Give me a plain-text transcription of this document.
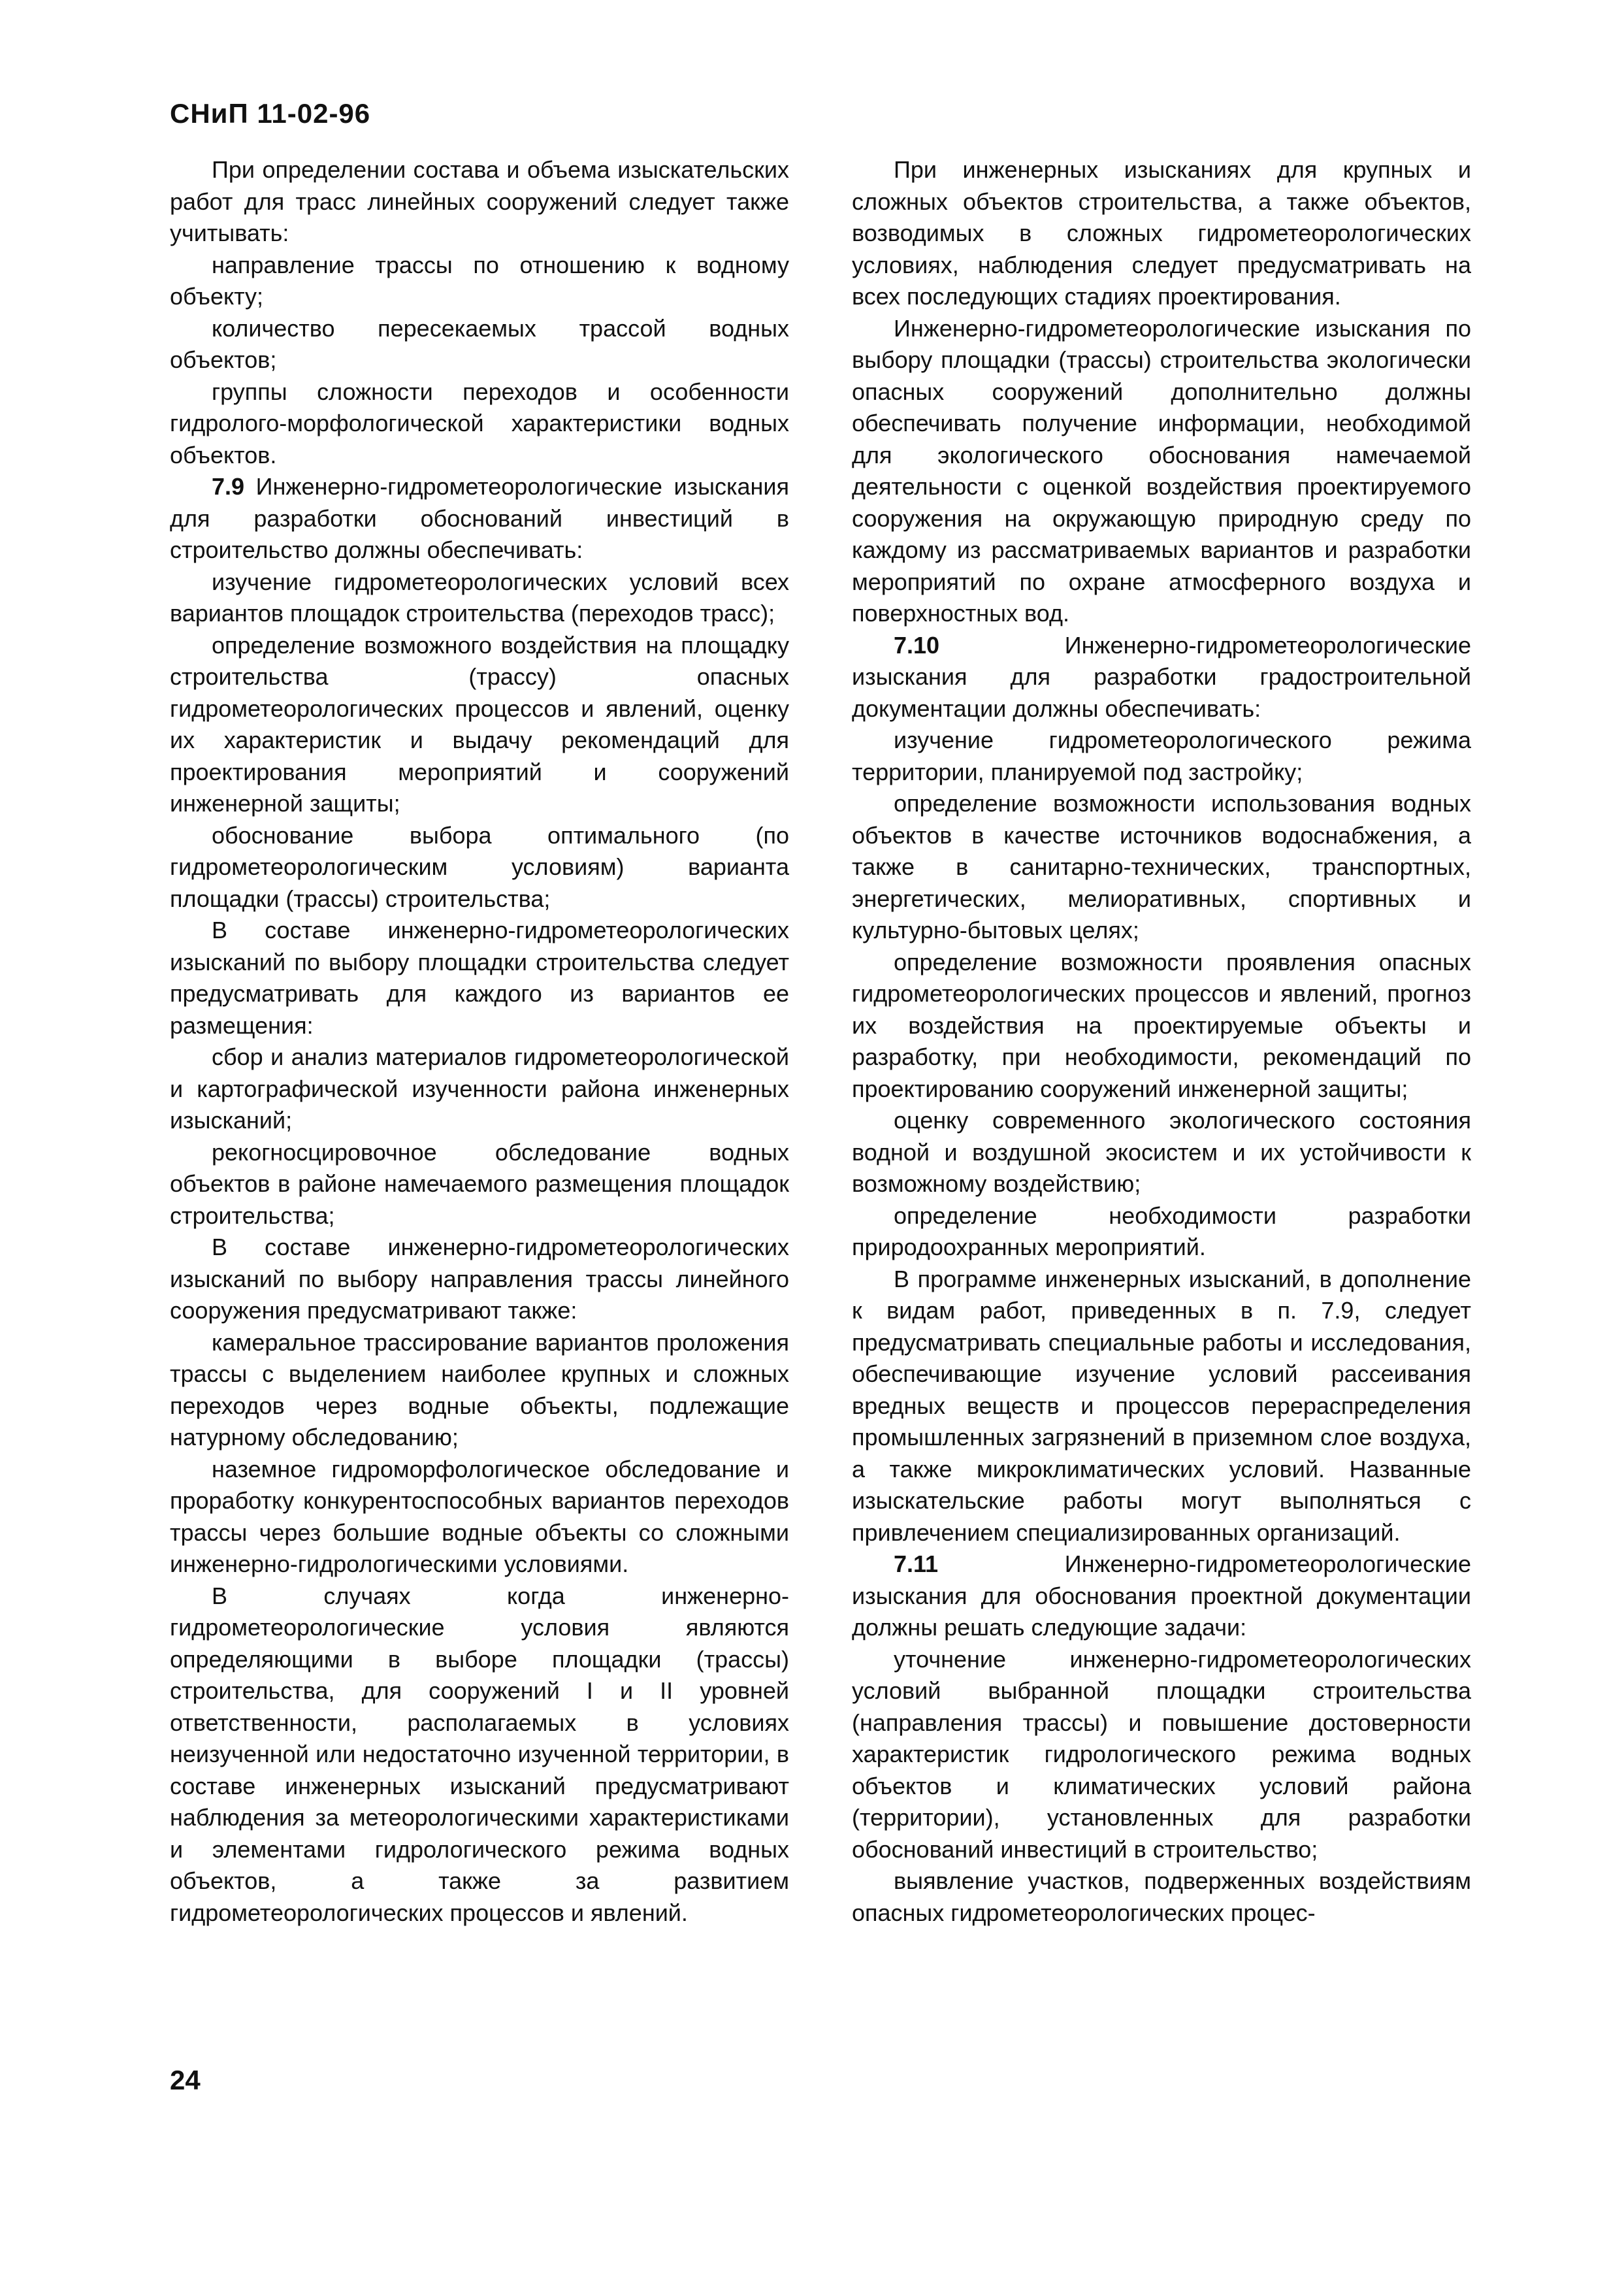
СНиП 11-02-96

При определении состава и объема изыскательских работ для трасс линейных сооружений следует также учитывать:

направление трассы по отношению к водному объекту;

количество пересекаемых трассой водных объектов;

группы сложности переходов и особенности гидролого-морфологической характеристики водных объектов.

7.9 Инженерно-гидрометеорологические изыскания для разработки обоснований инвестиций в строительство должны обеспечивать:

изучение гидрометеорологических условий всех вариантов площадок строительства (переходов трасс);

определение возможного воздействия на площадку строительства (трассу) опасных гидрометеорологических процессов и явлений, оценку их характеристик и выдачу рекомендаций для проектирования мероприятий и сооружений инженерной защиты;

обоснование выбора оптимального (по гидрометеорологическим условиям) варианта площадки (трассы) строительства;

В составе инженерно-гидрометеорологических изысканий по выбору площадки строительства следует предусматривать для каждого из вариантов ее размещения:

сбор и анализ материалов гидрометеорологической и картографической изученности района инженерных изысканий;

рекогносцировочное обследование водных объектов в районе намечаемого размещения площадок строительства;

В составе инженерно-гидрометеорологических изысканий по выбору направления трассы линейного сооружения предусматривают также:

камеральное трассирование вариантов проложения трассы с выделением наиболее крупных и сложных переходов через водные объекты, подлежащие натурному обследованию;

наземное гидроморфологическое обследование и проработку конкурентоспособных вариантов переходов трассы через большие водные объекты со сложными инженерно-гидрологическими условиями.

В случаях когда инженерно-гидрометеорологические условия являются определяющими в выборе площадки (трассы) строительства, для сооружений I и II уровней ответственности, располагаемых в условиях неизученной или недостаточно изученной территории, в составе инженерных изысканий предусматривают наблюдения за метеорологическими характеристиками и элементами гидрологического режима водных объектов, а также за развитием гидрометеорологических процессов и явлений.

При инженерных изысканиях для крупных и сложных объектов строительства, а также объектов, возводимых в сложных гидрометеорологических условиях, наблюдения следует предусматривать на всех последующих стадиях проектирования.

Инженерно-гидрометеорологические изыскания по выбору площадки (трассы) строительства экологически опасных сооружений дополнительно должны обеспечивать получение информации, необходимой для экологического обоснования намечаемой деятельности с оценкой воздействия проектируемого сооружения на окружающую природную среду по каждому из рассматриваемых вариантов и разработки мероприятий по охране атмосферного воздуха и поверхностных вод.

7.10 Инженерно-гидрометеорологические изыскания для разработки градостроительной документации должны обеспечивать:

изучение гидрометеорологического режима территории, планируемой под застройку;

определение возможности использования водных объектов в качестве источников водоснабжения, а также в санитарно-технических, транспортных, энергетических, мелиоративных, спортивных и культурно-бытовых целях;

определение возможности проявления опасных гидрометеорологических процессов и явлений, прогноз их воздействия на проектируемые объекты и разработку, при необходимости, рекомендаций по проектированию сооружений инженерной защиты;

оценку современного экологического состояния водной и воздушной экосистем и их устойчивости к возможному воздействию;

определение необходимости разработки природоохранных мероприятий.

В программе инженерных изысканий, в дополнение к видам работ, приведенных в п. 7.9, следует предусматривать специальные работы и исследования, обеспечивающие изучение условий рассеивания вредных веществ и процессов перераспределения промышленных загрязнений в приземном слое воздуха, а также микроклиматических условий. Названные изыскательские работы могут выполняться с привлечением специализированных организаций.

7.11 Инженерно-гидрометеорологические изыскания для обоснования проектной документации должны решать следующие задачи:

уточнение инженерно-гидрометеорологических условий выбранной площадки строительства (направления трассы) и повышение достоверности характеристик гидрологического режима водных объектов и климатических условий района (территории), установленных для разработки обоснований инвестиций в строительство;

выявление участков, подверженных воздействиям опасных гидрометеорологических процес-

24
